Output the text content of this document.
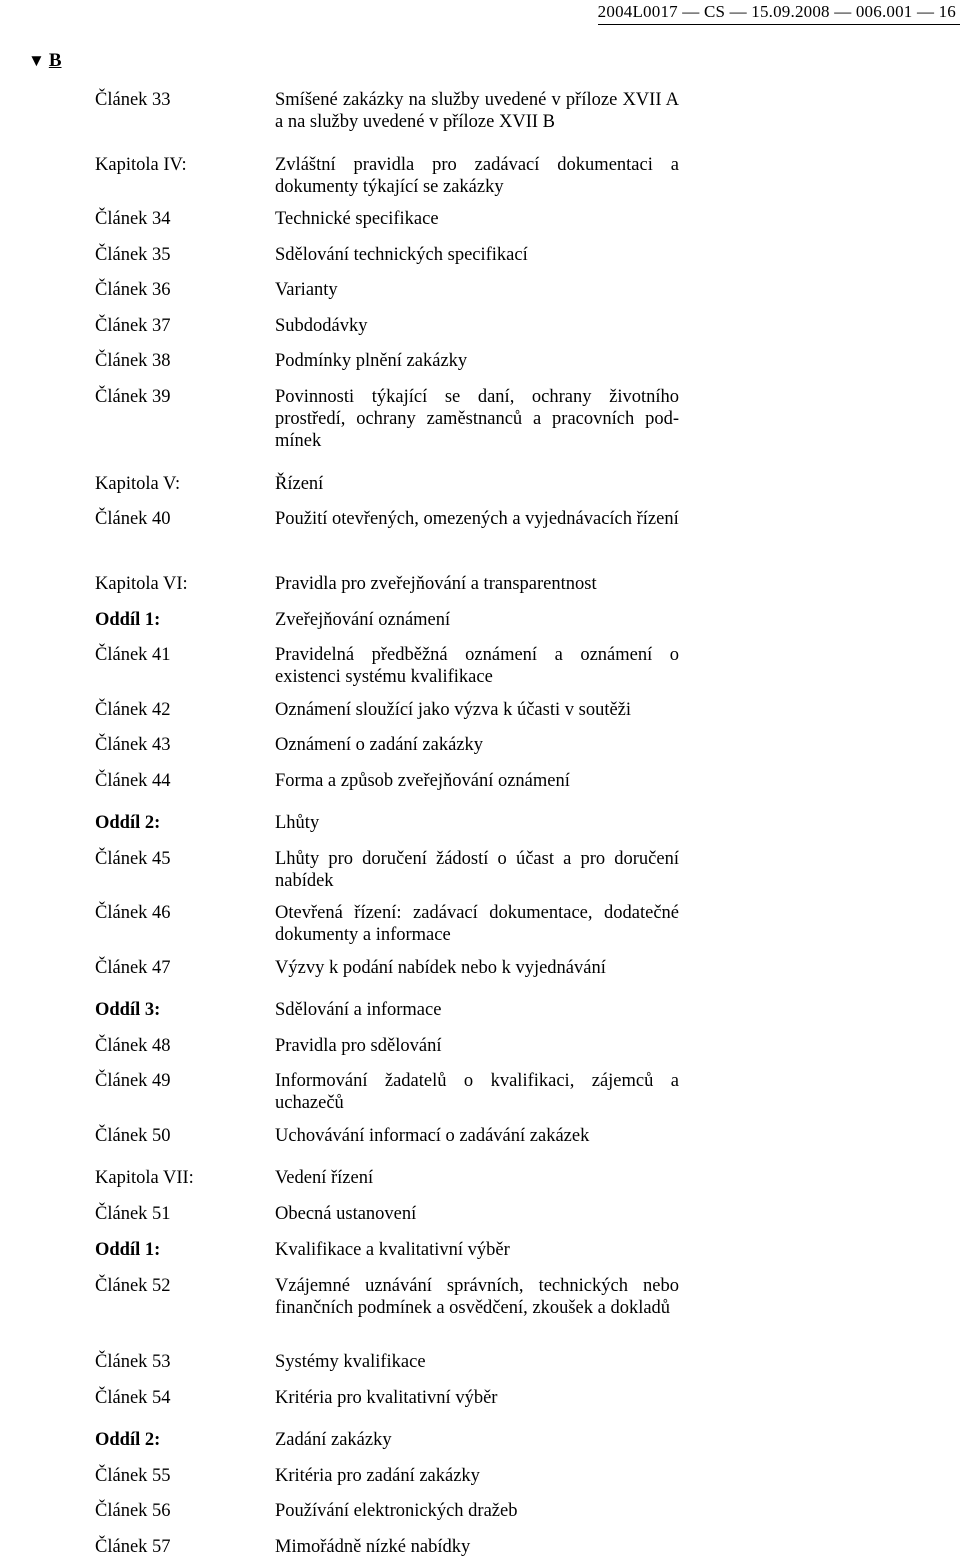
2004L0017 — CS — 15.09.2008 — 006.001 — 16
▼ B
Článek 33	Smíšené zakázky na služby uvedené v příloze XVII A a na služby uvedené v příloze XVII B
Kapitola IV:	Zvláštní pravidla pro zadávací dokumentaci a dokumenty týkající se zakázky
Článek 34	Technické specifikace
Článek 35	Sdělování technických specifikací
Článek 36	Varianty
Článek 37	Subdodávky
Článek 38	Podmínky plnění zakázky
Článek 39	Povinnosti týkající se daní, ochrany životního prostředí, ochrany zaměstnanců a pracovních podmínek
Kapitola V:	Řízení
Článek 40	Použití otevřených, omezených a vyjednávacích řízení
Kapitola VI:	Pravidla pro zveřejňování a transparentnost
Oddíl 1:	Zveřejňování oznámení
Článek 41	Pravidelná předběžná oznámení a oznámení o existenci systému kvalifikace
Článek 42	Oznámení sloužící jako výzva k účasti v soutěži
Článek 43	Oznámení o zadání zakázky
Článek 44	Forma a způsob zveřejňování oznámení
Oddíl 2:	Lhůty
Článek 45	Lhůty pro doručení žádostí o účast a pro doručení nabídek
Článek 46	Otevřená řízení: zadávací dokumentace, dodatečné dokumenty a informace
Článek 47	Výzvy k podání nabídek nebo k vyjednávání
Oddíl 3:	Sdělování a informace
Článek 48	Pravidla pro sdělování
Článek 49	Informování žadatelů o kvalifikaci, zájemců a uchazečů
Článek 50	Uchovávání informací o zadávání zakázek
Kapitola VII:	Vedení řízení
Článek 51	Obecná ustanovení
Oddíl 1:	Kvalifikace a kvalitativní výběr
Článek 52	Vzájemné uznávání správních, technických nebo finančních podmínek a osvědčení, zkoušek a dokladů
Článek 53	Systémy kvalifikace
Článek 54	Kritéria pro kvalitativní výběr
Oddíl 2:	Zadání zakázky
Článek 55	Kritéria pro zadání zakázky
Článek 56	Používání elektronických dražeb
Článek 57	Mimořádně nízké nabídky
